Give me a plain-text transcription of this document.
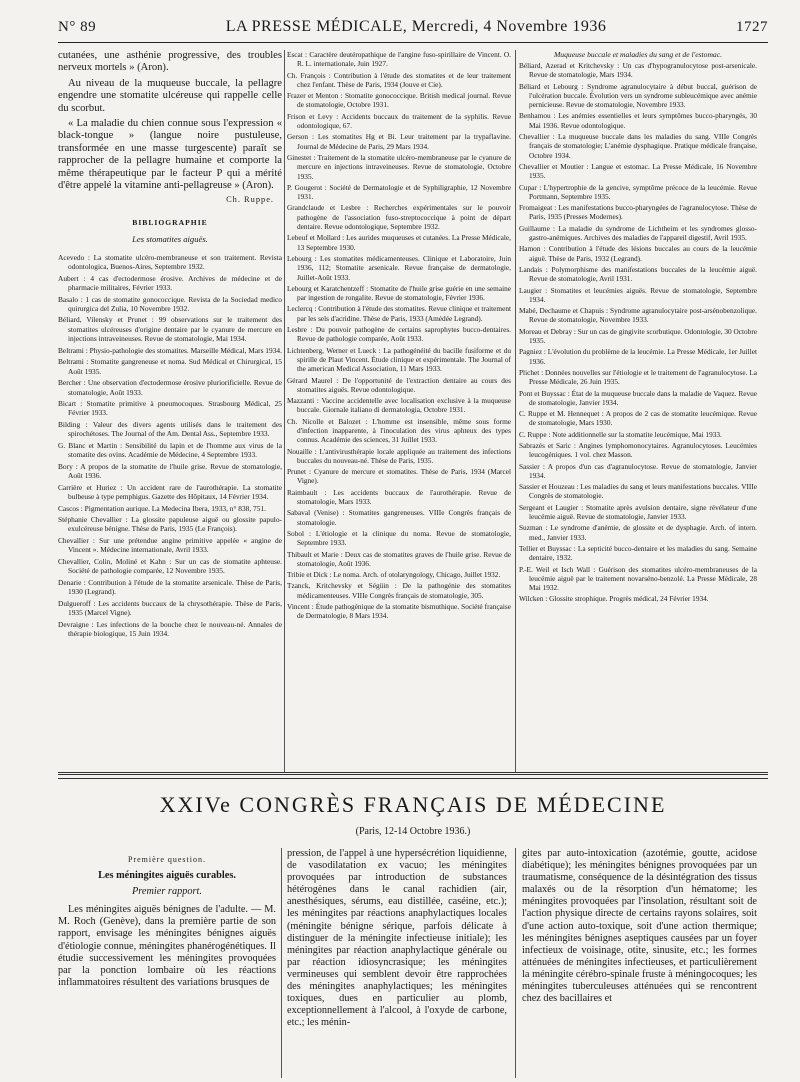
N° 89	LA PRESSE MÉDICALE, Mercredi, 4 Novembre 1936	1727

cutanées, une asthénie progressive, des troubles nerveux mortels » (Aron).

Au niveau de la muqueuse buccale, la pellagre engendre une stomatite ulcéreuse qui rappelle celle du scorbut.

« La maladie du chien connue sous l'expression « black-tongue » (langue noire pustuleuse, transformée en une masse turgescente) paraît se rapprocher de la pellagre humaine et comporte la même thérapeutique par le facteur P qui a mérité d'être appelé la vitamine anti-pellagreuse » (Aron).

Ch. Ruppe.
BIBLIOGRAPHIE
Les stomatites aiguës.
Acevedo : La stomatite ulcéro-membraneuse et son traitement. Revista odontologica, Buenos-Aires, Septembre 1932.
Aubert : 4 cas d'ectodermose érosive. Archives de médecine et de pharmacie militaires, Février 1933.
Basalo : 1 cas de stomatite gonococcique. Revista de la Sociedad medico quirurgica del Zulia, 10 Novembre 1932.
Béliard, Vilensky et Prunet : 99 observations sur le traitement des stomatites ulcéreuses d'origine dentaire par le cyanure de mercure en injections intraveineuses. Revue de stomatologie, Mai 1934.
Beltrami : Physio-pathologie des stomatites. Marseille Médical, Mars 1934.
Beltrami : Stomatite gangreneuse et noma. Sud Médical et Chirurgical, 15 Août 1935.
Bercher : Une observation d'ectodermose érosive pluriorificielle. Revue de stomatologie, Août 1933.
Bicart : Stomatite primitive à pneumocoques. Strasbourg Médical, 25 Février 1933.
Bilding : Valeur des divers agents utilisés dans le traitement des spirochétoses. The Journal of the Am. Dental Ass., Septembre 1933.
G. Blanc et Martin : Sensibilité du lapin et de l'homme aux virus de la stomatite des ovins. Académie de Médecine, 4 Septembre 1933.
Bory : A propos de la stomatite de l'huile grise. Revue de stomatologie, Août 1936.
Carrière et Huriez : Un accident rare de l'aurothérapie. La stomatite bulbeuse à type pemphigus. Gazette des Hôpitaux, 14 Février 1934.
Cascos : Pigmentation aurique. La Medecina Ibera, 1933, n° 838, 751.
Stéphanie Chevallier : La glossite papuleuse aiguë ou glossite papulo-exulcéreuse bénigne. Thèse de Paris, 1935 (Le François).
Chevallier : Sur une prétendue angine primitive appelée « angine de Vincent ». Médecine internationale, Avril 1933.
Chevallier, Colin, Moliné et Kahn : Sur un cas de stomatite aphteuse. Société de pathologie comparée, 12 Novembre 1935.
Denarie : Contribution à l'étude de la stomatite arsenicale. Thèse de Paris, 1930 (Legrand).
Dulgueroff : Les accidents buccaux de la chrysothérapie. Thèse de Paris, 1935 (Marcel Vigne).
Devraigne : Les infections de la bouche chez le nouveau-né. Annales de thérapie biologique, 15 Juin 1934.
Escat : Caractère deutéropathique de l'angine fuso-spirillaire de Vincent. O. R. L. internationale, Juin 1927.
Ch. François : Contribution à l'étude des stomatites et de leur traitement chez l'enfant. Thèse de Paris, 1934 (Jouve et Cie).
Frazer et Menton : Stomatite gonococcique. British medical journal. Revue de stomatologie, Octobre 1931.
Frison et Levy : Accidents buccaux du traitement de la syphilis. Revue odontologique, 67.
Gerson : Les stomatites Hg et Bi. Leur traitement par la trypaflavine. Journal de Médecine de Paris, 29 Mars 1934.
Ginestet : Traitement de la stomatite ulcéro-membraneuse par le cyanure de mercure en injections intraveineuses. Revue de stomatologie, Octobre 1935.
P. Gougerot : Société de Dermatologie et de Syphiligraphie, 12 Novembre 1931.
Grandclaude et Lesbre : Recherches expérimentales sur le pouvoir pathogène de l'association fuso-streptococcique à point de départ dentaire. Revue odontologique, Septembre 1932.
Lebeuf et Mollard : Les aurides muqueuses et cutanées. La Presse Médicale, 13 Septembre 1930.
Lebourg : Les stomatites médicamenteuses. Clinique et Laboratoire, Juin 1936, 112; Stomatite arsenicale. Revue française de dermatologie, Juillet-Août 1933.
Lebourg et Karatchentzeff : Stomatite de l'huile grise guérie en une semaine par ingestion de rongalite. Revue de stomatologie, Février 1936.
Leclercq : Contribution à l'étude des stomatites. Revue clinique et traitement par les sels d'acridine. Thèse de Paris, 1933 (Amédée Legrand).
Lesbre : Du pouvoir pathogène de certains saprophytes bucco-dentaires. Revue de pathologie comparée, Août 1933.
Lichtenberg, Werner et Lueck : La pathogénéité du bacille fusiforme et du spirille de Plaut Vincent. Étude clinique et expérimentale. The Journal of the american Medical Association, 11 Mars 1933.
Gérard Maurel : De l'opportunité de l'extraction dentaire au cours des stomatites aiguës. Revue odontologique.
Mazzanti : Vaccine accidentelle avec localisation exclusive à la muqueuse buccale. Giornale italiano di dermatologia, Octobre 1931.
Ch. Nicolle et Balozet : L'homme est insensible, même sous forme d'infection inapparente, à l'inoculation des virus aphteux des types connus. Académie des sciences, 31 Juillet 1933.
Nouaille : L'antivirusthérapie locale appliquée au traitement des infections buccales du nouveau-né. Thèse de Paris, 1935.
Prunet : Cyanure de mercure et stomatites. Thèse de Paris, 1934 (Marcel Vigne).
Raimbault : Les accidents buccaux de l'aurothérapie. Revue de stomatologie, Mars 1933.
Sabaval (Venise) : Stomatites gangreneuses. VIIIe Congrès français de stomatologie.
Sobol : L'étiologie et la clinique du noma. Revue de stomatologie, Septembre 1933.
Thibault et Marie : Deux cas de stomatites graves de l'huile grise. Revue de stomatologie, Août 1936.
Tribie et Dick : Le noma. Arch. of otolaryngology, Chicago, Juillet 1932.
Tzanck, Kritchevsky et Ségüin : De la pathogénie des stomatites médicamenteuses. VIIIe Congrès français de stomatologie, 305.
Vincent : Étude pathogénique de la stomatite bismuthique. Société française de Dermatologie, 8 Mars 1934.
Muqueuse buccale et maladies du sang et de l'estomac.
Béliard, Azerad et Kritchevsky : Un cas d'hypogranulocytose post-arsenicale. Revue de stomatologie, Mars 1934.
Béliard et Lebourg : Syndrome agranulocytaire à début buccal, guérison de l'ulcération buccale. Évolution vers un syndrome subleucémique avec anémie pernicieuse. Revue de stomatologie, Novembre 1933.
Benhamou : Les anémies essentielles et leurs symptômes bucco-pharyngés, 30 Mai 1936. Revue odontologique.
Chevallier : La muqueuse buccale dans les maladies du sang. VIIIe Congrès français de stomatologie; L'anémie dysphagique. Pratique médicale française, Octobre 1934.
Chevallier et Moutier : Langue et estomac. La Presse Médicale, 16 Novembre 1935.
Cupar : L'hypertrophie de la gencive, symptôme précoce de la leucémie. Revue Portmann, Septembre 1935.
Fromaigeat : Les manifestations bucco-pharyngées de l'agranulocytose. Thèse de Paris, 1935 (Presses Modernes).
Guillaume : La maladie du syndrome de Lichtheim et les syndromes glosso-gastro-anémiques. Archives des maladies de l'appareil digestif, Avril 1935.
Hamon : Contribution à l'étude des lésions buccales au cours de la leucémie aiguë. Thèse de Paris, 1932 (Legrand).
Landais : Polymorphisme des manifestations buccales de la leucémie aiguë. Revue de stomatologie, Avril 1931.
Laugier : Stomatites et leucémies aiguës. Revue de stomatologie, Septembre 1934.
Mabé, Dechaume et Chapuis : Syndrome agranulocytaire post-arsénobenzolique. Revue de stomatologie, Novembre 1933.
Moreau et Debray : Sur un cas de gingivite scorbutique. Odontologie, 30 Octobre 1935.
Pagniez : L'évolution du problème de la leucémie. La Presse Médicale, 1er Juillet 1936.
Plichet : Données nouvelles sur l'étiologie et le traitement de l'agranulocytose. La Presse Médicale, 26 Juin 1935.
Pont et Buyssac : État de la muqueuse buccale dans la maladie de Vaquez. Revue de stomatologie, Janvier 1934.
C. Ruppe et M. Hennequet : A propos de 2 cas de stomatite leucémique. Revue de stomatologie, Mars 1930.
C. Ruppe : Note additionnelle sur la stomatite leucémique, Mai 1933.
Sabrazès et Saric : Angines lymphomonocytaires. Agranulocytoses. Leucémies leucogéniques. 1 vol. chez Masson.
Sassier : A propos d'un cas d'agranulocytose. Revue de stomatologie, Janvier 1934.
Sassier et Houzeau : Les maladies du sang et leurs manifestations buccales. VIIIe Congrès de stomatologie.
Sergeant et Laugier : Stomatite après avulsion dentaire, signe révélateur d'une leucémie aiguë. Revue de stomatologie, Janvier 1933.
Suzman : Le syndrome d'anémie, de glossite et de dysphagie. Arch. of intern. med., Janvier 1933.
Tellier et Buyssac : La septicité bucco-dentaire et les maladies du sang. Semaine dentaire, 1932.
P.-E. Weil et Isch Wall : Guérison des stomatites ulcéro-membraneuses de la leucémie aiguë par le traitement novarséno-benzolé. La Presse Médicale, 28 Mai 1932.
Wilcken : Glossite strophique. Progrès médical, 24 Février 1934.
XXIVe CONGRÈS FRANÇAIS DE MÉDECINE
(Paris, 12-14 Octobre 1936.)
Première question.
Les méningites aiguës curables.
Premier rapport.

Les méningites aiguës bénignes de l'adulte. — M. M. Roch (Genève), dans la première partie de son rapport, envisage les méningites bénignes aiguës d'étiologie connue, méningites phanérogénétiques. Il étudie successivement les méningites provoquées par la ponction lombaire où les réactions inflammatoires résultent des variations brusques de

pression, de l'appel à une hypersécrétion liquidienne, de vasodilatation ex vacuo; les méningites provoquées par introduction de substances hétérogènes dans le canal rachidien (air, anesthésiques, sérums, eau distillée, caséine, etc.); les méningites par réactions anaphylactiques locales (méningite bénigne sérique, parfois délicate à distinguer de la méningite infectieuse initiale); les méningites par réaction anaphylactique générale ou par réaction idiosyncrasique; les méningites vermineuses qui semblent devoir être rapprochées des méningites anaphylactiques; les méningites toxiques, dues en particulier au plomb, exceptionnellement à l'alcool, à l'oxyde de carbone, etc.; les ménin-

gites par auto-intoxication (azotémie, goutte, acidose diabétique); les méningites bénignes provoquées par un traumatisme, conséquence de la désintégration des tissus malaxés ou de la résorption d'un hématome; les méningites provoquées par l'insolation, résultant soit de l'action physique directe de certains rayons solaires, soit d'une action auto-toxique, soit d'une action thermique; les méningites bénignes aseptiques causées par un foyer infectieux de voisinage, otite, sinusite, etc.; les formes atténuées de méningites infectieuses, et particulièrement la méningite cérébro-spinale fruste à méningocoques; les méningites tuberculeuses atténuées qui se rencontrent chez des bacillaires et
